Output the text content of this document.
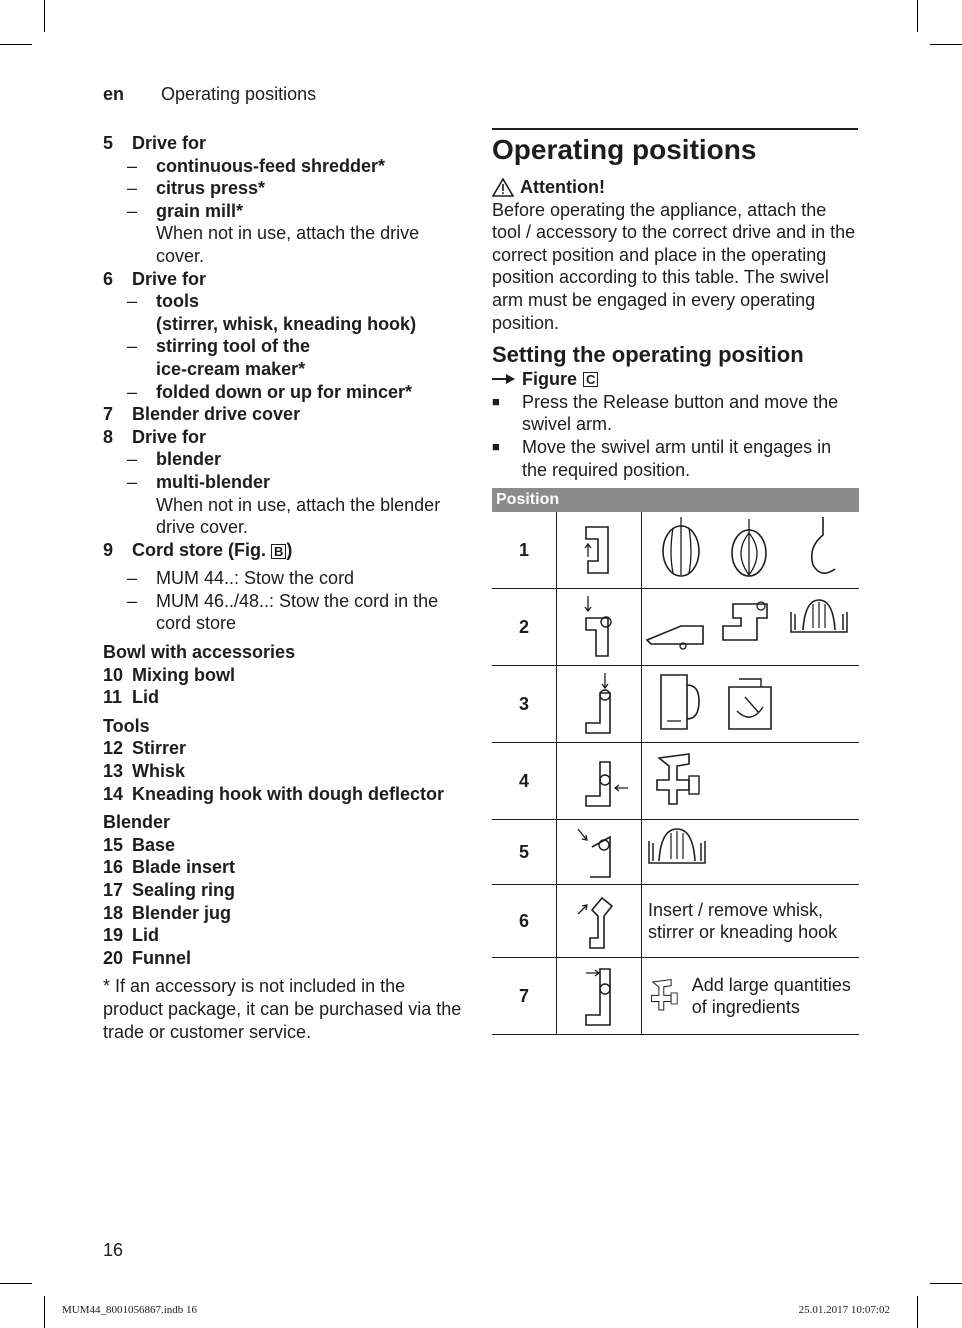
en Operating positions
5	Drive for
–	continuous-feed shredder*
–	citrus press*
–	grain mill*
When not in use, attach the drive cover.
6	Drive for
–	tools
(stirrer, whisk, kneading hook)
–	stirring tool of the
ice-cream maker*
–	folded down or up for mincer*
7	Blender drive cover
8	Drive for
–	blender
–	multi-blender
When not in use, attach the blender drive cover.
9	Cord store (Fig. B )
–	MUM 44..: Stow the cord
–	MUM 46../48..: Stow the cord in the cord store
Bowl with accessories
10 Mixing bowl
11 Lid
Tools
12 Stirrer
13 Whisk
14 Kneading hook with dough deflector
Blender
15 Base
16 Blade insert
17 Sealing ring
18 Blender jug
19 Lid
20 Funnel
* If an accessory is not included in the product package, it can be purchased via the trade or customer service.
Operating positions
Attention!
Before operating the appliance, attach the tool / accessory to the correct drive and in the correct position and place in the operating position according to this table. The swivel arm must be engaged in every operating position.
Setting the operating position
Figure C
■	Press the Release button and move the swivel arm.
■	Move the swivel arm until it engages in the required position.
Position		
1	

2	

3	

4	

5	

6		Insert / remove whisk, stirrer or kneading hook
7		Add large quantities of ingredients
16
MUM44_8001056867.indb 16	25.01.2017 10:07:02
